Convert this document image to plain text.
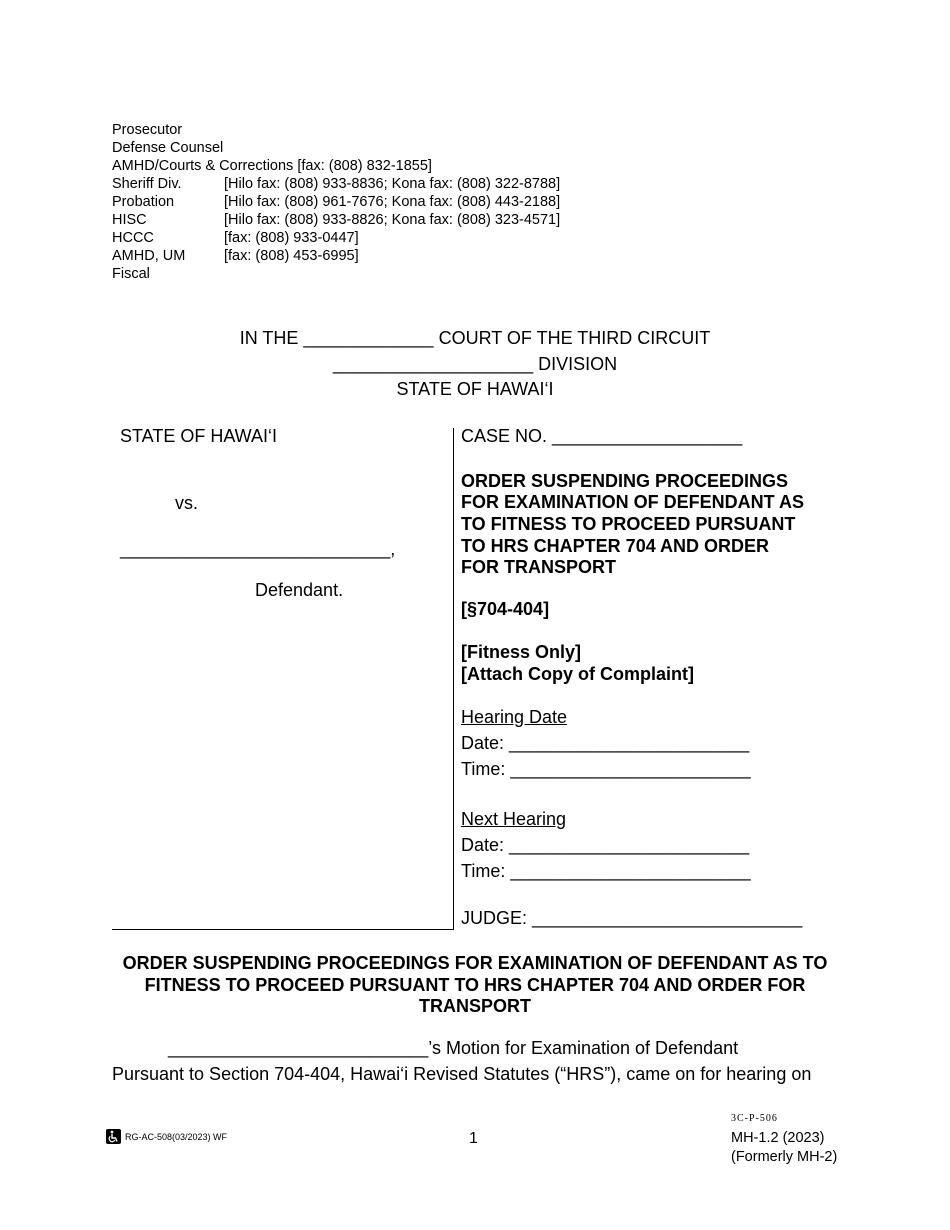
Prosecutor
Defense Counsel
AMHD/Courts & Corrections [fax: (808) 832-1855]
Sheriff Div.	[Hilo fax: (808) 933-8836; Kona fax: (808) 322-8788]
Probation	[Hilo fax: (808) 961-7676; Kona fax: (808) 443-2188]
HISC	[Hilo fax: (808) 933-8826; Kona fax: (808) 323-4571]
HCCC	[fax: (808) 933-0447]
AMHD, UM	[fax: (808) 453-6995]
Fiscal
IN THE _____________ COURT OF THE THIRD CIRCUIT
____________________ DIVISION
STATE OF HAWAI‘I
STATE OF HAWAI‘I
vs.
___________________________,
Defendant.
CASE NO. ___________________
ORDER SUSPENDING PROCEEDINGS
FOR EXAMINATION OF DEFENDANT AS
TO FITNESS TO PROCEED PURSUANT
TO HRS CHAPTER 704 AND ORDER
FOR TRANSPORT
[§704-404]
[Fitness Only]
[Attach Copy of Complaint]
Hearing Date
Date: ________________________
Time: ________________________
Next Hearing
Date: ________________________
Time: ________________________
JUDGE: ___________________________
ORDER SUSPENDING PROCEEDINGS FOR EXAMINATION OF DEFENDANT AS TO FITNESS TO PROCEED PURSUANT TO HRS CHAPTER 704 AND ORDER FOR TRANSPORT
__________________________’s Motion for Examination of Defendant
Pursuant to Section 704-404, Hawai‘i Revised Statutes (“HRS”), came on for hearing on
RG-AC-508(03/2023) WF	1
3C-P-506
MH-1.2 (2023)
(Formerly MH-2)
